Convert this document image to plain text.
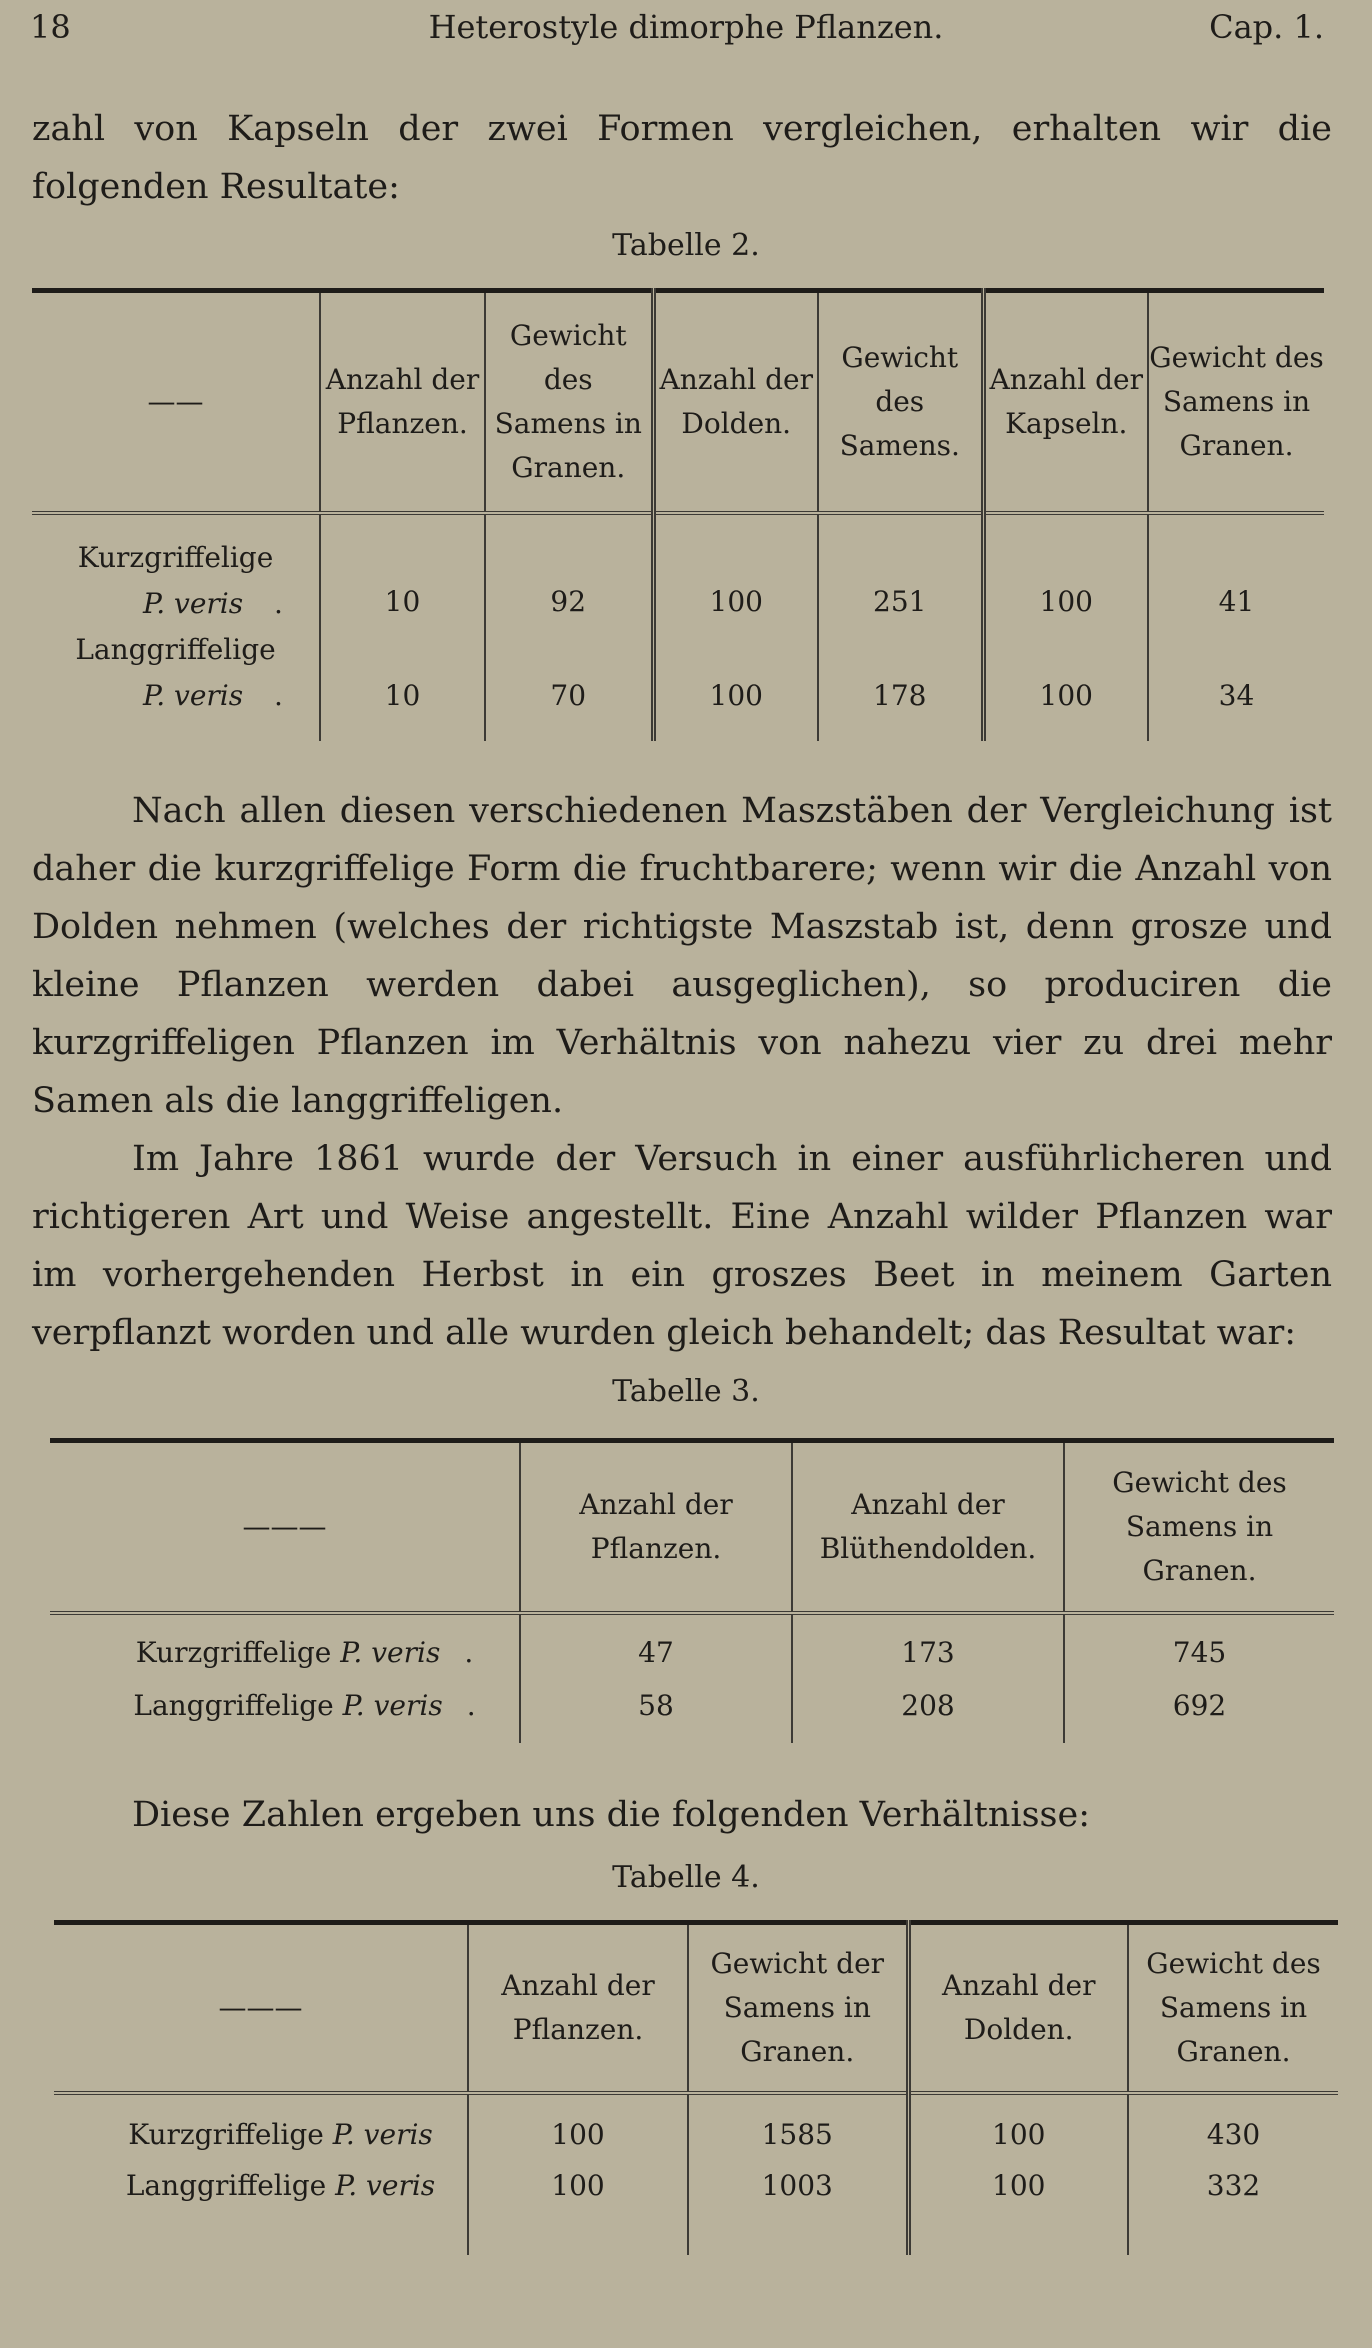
18	Heterostyle dimorphe Pflanzen.	Cap. 1.

zahl von Kapseln der zwei Formen vergleichen, erhalten wir die folgenden Resultate:

Tabelle 2.
——	Anzahl der Pflanzen.	Gewicht des Samens in Granen.	Anzahl der Dolden.	Gewicht des Samens.	Anzahl der Kapseln.	Gewicht des Samens in Granen.

Kurzgriffelige
P. veris .	10	92	100	251	100	41

Langgriffelige
P. veris .	10	70	100	178	100	34

Nach allen diesen verschiedenen Maszstäben der Vergleichung ist daher die kurzgriffelige Form die fruchtbarere; wenn wir die Anzahl von Dolden nehmen (welches der richtigste Maszstab ist, denn grosze und kleine Pflanzen werden dabei ausgeglichen), so produciren die kurzgriffeligen Pflanzen im Verhältnis von nahezu vier zu drei mehr Samen als die langgriffeligen.

Im Jahre 1861 wurde der Versuch in einer ausführlicheren und richtigeren Art und Weise angestellt. Eine Anzahl wilder Pflanzen war im vorhergehenden Herbst in ein groszes Beet in meinem Garten verpflanzt worden und alle wurden gleich behandelt; das Resultat war:

Tabelle 3.
———	Anzahl der Pflanzen.	Anzahl der Blüthendolden.	Gewicht des Samens in Granen.
Kurzgriffelige P. veris .	47	173	745
Langgriffelige P. veris .	58	208	692

Diese Zahlen ergeben uns die folgenden Verhältnisse:

Tabelle 4.
———	Anzahl der Pflanzen.	Gewicht der Samens in Granen.	Anzahl der Dolden.	Gewicht des Samens in Granen.
Kurzgriffelige P. veris	100	1585	100	430
Langgriffelige P. veris	100	1003	100	332
